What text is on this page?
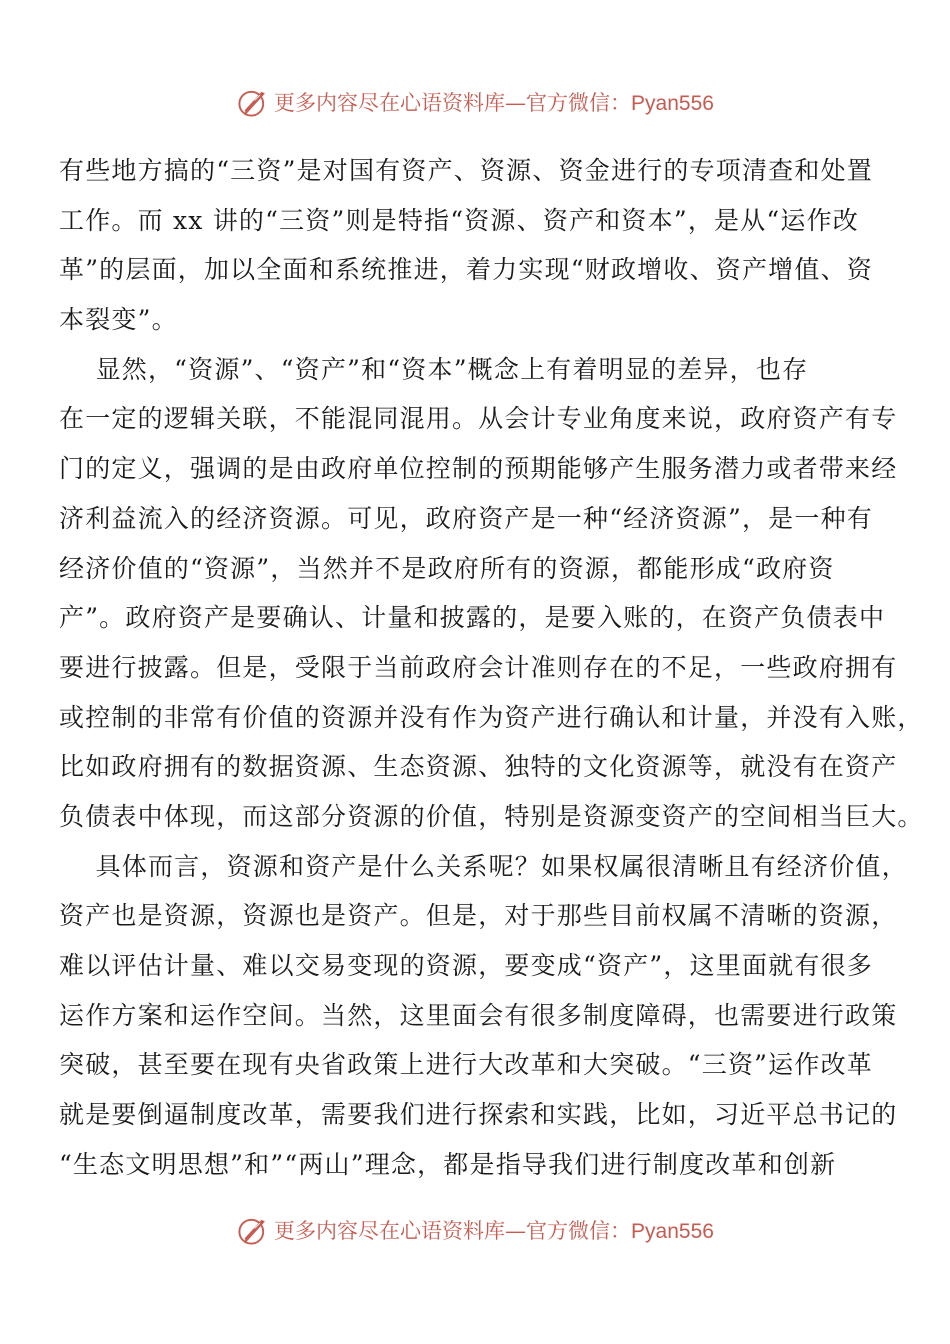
更多内容尽在心语资料库—官方微信：Pyan556
有些地方搞的“三资”是对国有资产、资源、资金进行的专项清查和处置
工作。而 xx 讲的“三资”则是特指“资源、资产和资本”，是从“运作改
革”的层面，加以全面和系统推进，着力实现“财政增收、资产增值、资
本裂变”。
显然，“资源”、“资产”和“资本”概念上有着明显的差异，也存
在一定的逻辑关联，不能混同混用。从会计专业角度来说，政府资产有专
门的定义，强调的是由政府单位控制的预期能够产生服务潜力或者带来经
济利益流入的经济资源。可见，政府资产是一种“经济资源”，是一种有
经济价值的“资源”，当然并不是政府所有的资源，都能形成“政府资
产”。政府资产是要确认、计量和披露的，是要入账的，在资产负债表中
要进行披露。但是，受限于当前政府会计准则存在的不足，一些政府拥有
或控制的非常有价值的资源并没有作为资产进行确认和计量，并没有入账，
比如政府拥有的数据资源、生态资源、独特的文化资源等，就没有在资产
负债表中体现，而这部分资源的价值，特别是资源变资产的空间相当巨大。
具体而言，资源和资产是什么关系呢？如果权属很清晰且有经济价值，
资产也是资源，资源也是资产。但是，对于那些目前权属不清晰的资源，
难以评估计量、难以交易变现的资源，要变成“资产”，这里面就有很多
运作方案和运作空间。当然，这里面会有很多制度障碍，也需要进行政策
突破，甚至要在现有央省政策上进行大改革和大突破。“三资”运作改革
就是要倒逼制度改革，需要我们进行探索和实践，比如，习近平总书记的
“生态文明思想”和”“两山”理念，都是指导我们进行制度改革和创新
更多内容尽在心语资料库—官方微信：Pyan556
